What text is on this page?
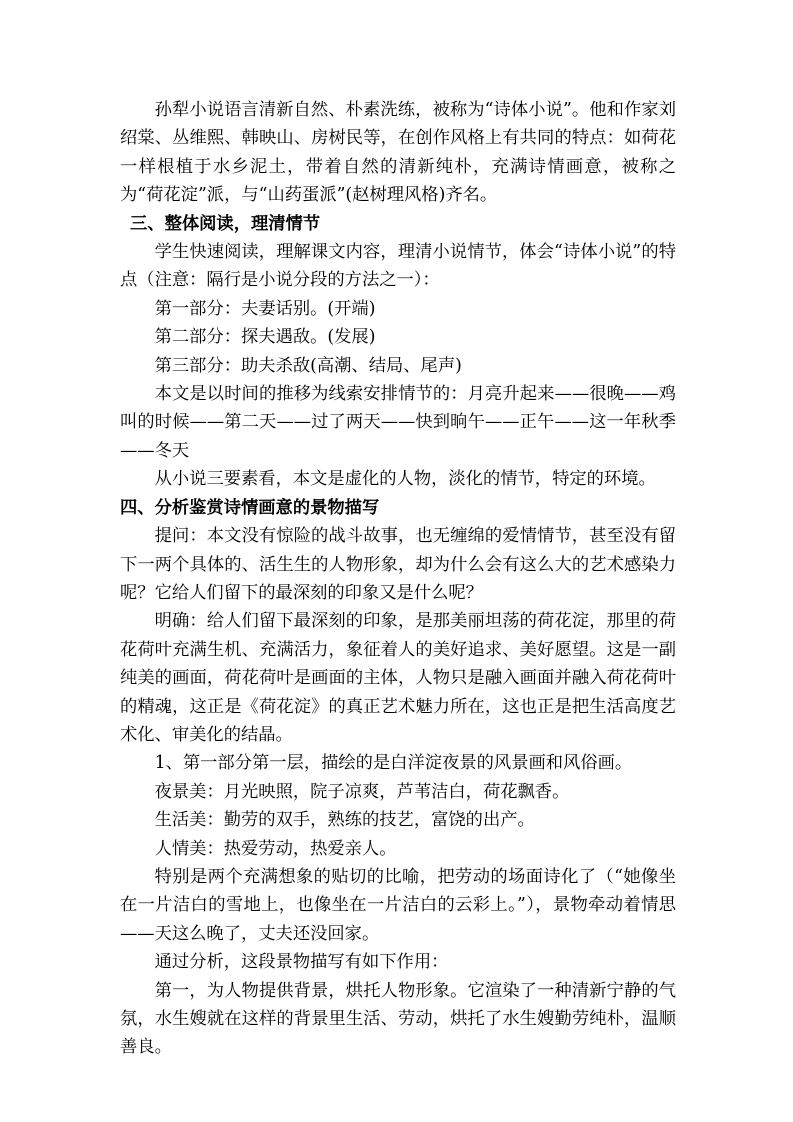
孙犁小说语言清新自然、朴素洗练，被称为“诗体小说”。他和作家刘绍棠、丛维熙、韩映山、房树民等，在创作风格上有共同的特点：如荷花一样根植于水乡泥土，带着自然的清新纯朴，充满诗情画意，被称之为“荷花淀”派，与“山药蛋派”(赵树理风格)齐名。

三、整体阅读，理清情节

学生快速阅读，理解课文内容，理清小说情节，体会“诗体小说”的特点（注意：隔行是小说分段的方法之一）：

第一部分：夫妻话别。(开端)

第二部分：探夫遇敌。(发展)

第三部分：助夫杀敌(高潮、结局、尾声)

本文是以时间的推移为线索安排情节的：月亮升起来——很晚——鸡叫的时候——第二天——过了两天——快到晌午——正午——这一年秋季——冬天

从小说三要素看，本文是虚化的人物，淡化的情节，特定的环境。

四、分析鉴赏诗情画意的景物描写

提问：本文没有惊险的战斗故事，也无缠绵的爱情情节，甚至没有留下一两个具体的、活生生的人物形象，却为什么会有这么大的艺术感染力呢？它给人们留下的最深刻的印象又是什么呢？

明确：给人们留下最深刻的印象，是那美丽坦荡的荷花淀，那里的荷花荷叶充满生机、充满活力，象征着人的美好追求、美好愿望。这是一副纯美的画面，荷花荷叶是画面的主体，人物只是融入画面并融入荷花荷叶的精魂，这正是《荷花淀》的真正艺术魅力所在，这也正是把生活高度艺术化、审美化的结晶。

1、第一部分第一层，描绘的是白洋淀夜景的风景画和风俗画。

夜景美：月光映照，院子凉爽，芦苇洁白，荷花飘香。

生活美：勤劳的双手，熟练的技艺，富饶的出产。

人情美：热爱劳动，热爱亲人。

特别是两个充满想象的贴切的比喻，把劳动的场面诗化了（“她像坐在一片洁白的雪地上，也像坐在一片洁白的云彩上。”），景物牵动着情思——天这么晚了，丈夫还没回家。

通过分析，这段景物描写有如下作用：

第一，为人物提供背景，烘托人物形象。它渲染了一种清新宁静的气氛，水生嫂就在这样的背景里生活、劳动，烘托了水生嫂勤劳纯朴，温顺善良。
